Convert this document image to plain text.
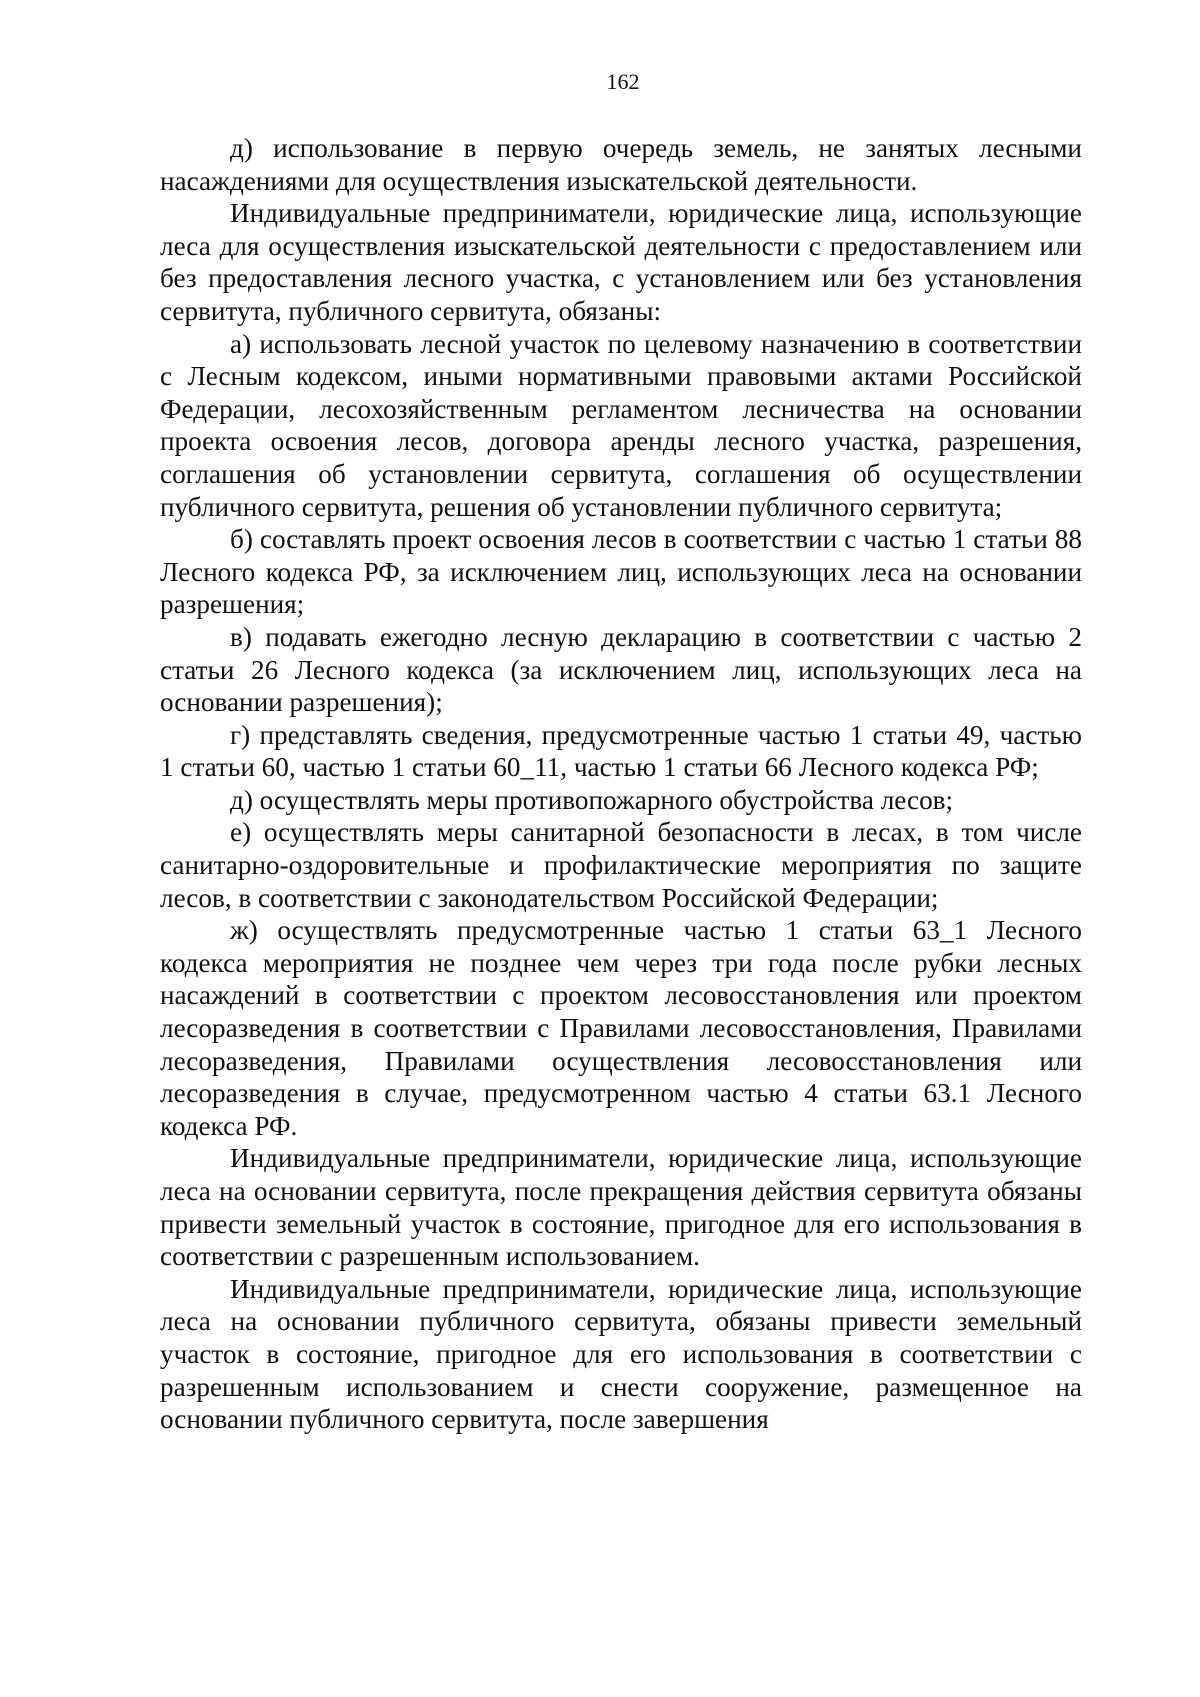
162

д) использование в первую очередь земель, не занятых лесными насаждениями для осуществления изыскательской деятельности.

Индивидуальные предприниматели, юридические лица, использующие леса для осуществления изыскательской деятельности с предоставлением или без предоставления лесного участка, с установлением или без установления сервитута, публичного сервитута, обязаны:

а) использовать лесной участок по целевому назначению в соответствии с Лесным кодексом, иными нормативными правовыми актами Российской Федерации, лесохозяйственным регламентом лесничества на основании проекта освоения лесов, договора аренды лесного участка, разрешения, соглашения об установлении сервитута, соглашения об осуществлении публичного сервитута, решения об установлении публичного сервитута;

б) составлять проект освоения лесов в соответствии с частью 1 статьи 88 Лесного кодекса РФ, за исключением лиц, использующих леса на основании разрешения;

в) подавать ежегодно лесную декларацию в соответствии с частью 2 статьи 26 Лесного кодекса (за исключением лиц, использующих леса на основании разрешения);

г) представлять сведения, предусмотренные частью 1 статьи 49, частью 1 статьи 60, частью 1 статьи 60_11, частью 1 статьи 66 Лесного кодекса РФ;

д) осуществлять меры противопожарного обустройства лесов;

е) осуществлять меры санитарной безопасности в лесах, в том числе санитарно-оздоровительные и профилактические мероприятия по защите лесов, в соответствии с законодательством Российской Федерации;

ж) осуществлять предусмотренные частью 1 статьи 63_1 Лесного кодекса мероприятия не позднее чем через три года после рубки лесных насаждений в соответствии с проектом лесовосстановления или проектом лесоразведения в соответствии с Правилами лесовосстановления, Правилами лесоразведения, Правилами осуществления лесовосстановления или лесоразведения в случае, предусмотренном частью 4 статьи 63.1 Лесного кодекса РФ.

Индивидуальные предприниматели, юридические лица, использующие леса на основании сервитута, после прекращения действия сервитута обязаны привести земельный участок в состояние, пригодное для его использования в соответствии с разрешенным использованием.

Индивидуальные предприниматели, юридические лица, использующие леса на основании публичного сервитута, обязаны привести земельный участок в состояние, пригодное для его использования в соответствии с разрешенным использованием и снести сооружение, размещенное на основании публичного сервитута, после завершения
